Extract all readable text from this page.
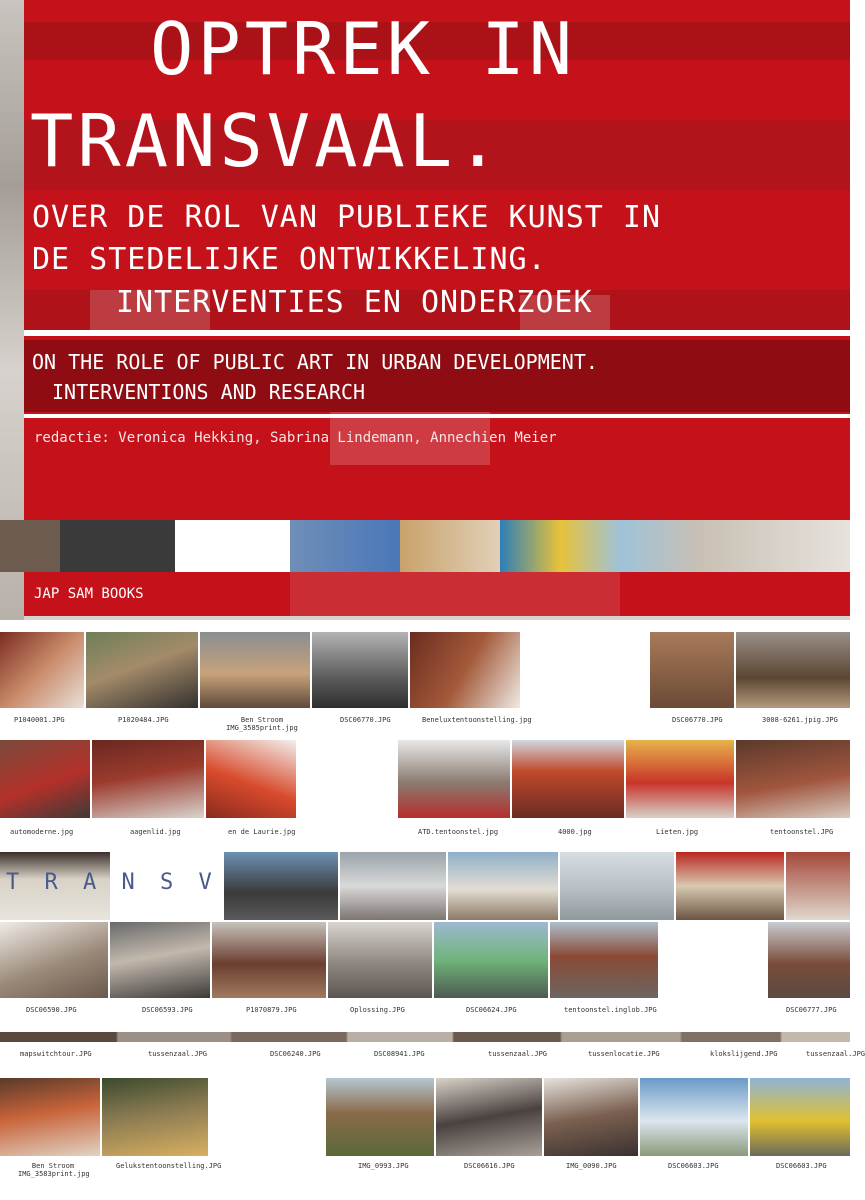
OPTREK IN
TRANSVAAL.
OVER DE ROL VAN PUBLIEKE KUNST IN
DE STEDELIJKE ONTWIKKELING.
INTERVENTIES EN ONDERZOEK
ON THE ROLE OF PUBLIC ART IN URBAN DEVELOPMENT.
INTERVENTIONS AND RESEARCH
redactie: Veronica Hekking, Sabrina Lindemann, Annechien Meier
JAP SAM BOOKS
P1040001.JPG	P1020484.JPG	Ben Stroom IMG_3585print.jpg
DSC06770.JPG	Beneluxtentoonstelling.jpg	DSC06770.JPG	3008-6261.jpig.JPG
automoderne.jpg	aagenlid.jpg	en de Laurie.jpg	ATD.tentoonstel.jpg	4000.jpg	Lieten.jpg	tentoonstel.JPG
T R A N S V
DSC06590.JPG	DSC06593.JPG	P1070879.JPG	Oplossing.JPG	DSC06624.JPG	tentoonstel.inglob.JPG	DSC06777.JPG
mapswitchtour.JPG	tussenzaal.JPG	DSC06240.JPG	DSC08941.JPG	tussenzaal.JPG	tussenlocatie.JPG	klokslijgend.JPG	tussenzaal.JPG
Ben Stroom IMG_3583print.jpg
Gelukstentoonstelling.JPG	IMG_0993.JPG	DSC06616.JPG	IMG_0090.JPG	DSC06603.JPG	DSC06603.JPG
